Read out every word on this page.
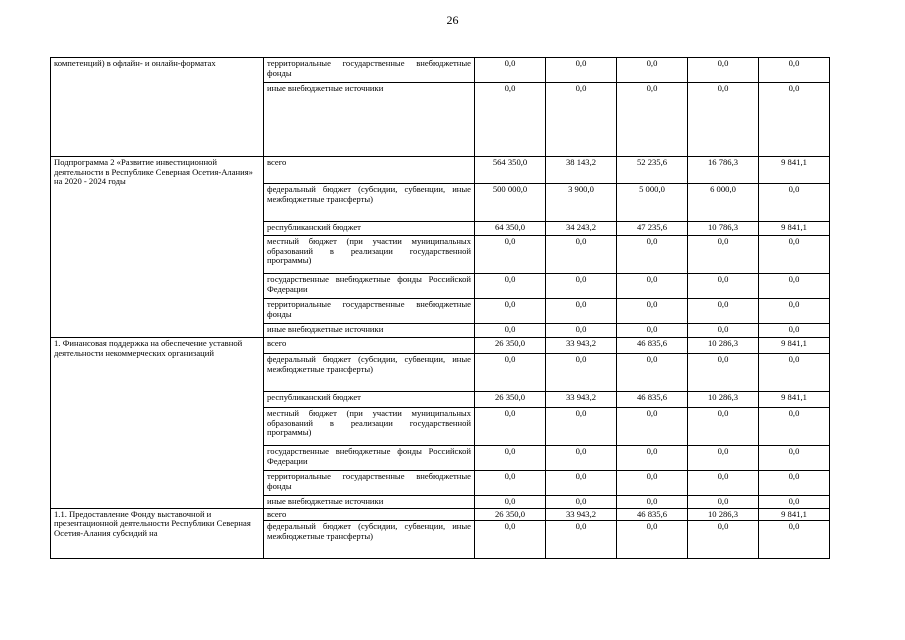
26
компетенций) в офлайн- и онлайн-форматах	территориальные государственные внебюджетные фонды	0,0	0,0	0,0	0,0	0,0
	иные внебюджетные источники	0,0	0,0	0,0	0,0	0,0
Подпрограмма 2 «Развитие инвестиционной деятельности в Республике Северная Осетия-Алания» на 2020 - 2024 годы	всего	564 350,0	38 143,2	52 235,6	16 786,3	9 841,1
	федеральный бюджет (субсидии, субвенции, иные межбюджетные трансферты)	500 000,0	3 900,0	5 000,0	6 000,0	0,0
	республиканский бюджет	64 350,0	34 243,2	47 235,6	10 786,3	9 841,1
	местный бюджет (при участии муниципальных образований в реализации государственной программы)	0,0	0,0	0,0	0,0	0,0
	государственные внебюджетные фонды Российской Федерации	0,0	0,0	0,0	0,0	0,0
	территориальные государственные внебюджетные фонды	0,0	0,0	0,0	0,0	0,0
	иные внебюджетные источники	0,0	0,0	0,0	0,0	0,0
1. Финансовая поддержка на обеспечение уставной деятельности некоммерческих организаций	всего	26 350,0	33 943,2	46 835,6	10 286,3	9 841,1
	федеральный бюджет (субсидии, субвенции, иные межбюджетные трансферты)	0,0	0,0	0,0	0,0	0,0
	республиканский бюджет	26 350,0	33 943,2	46 835,6	10 286,3	9 841,1
	местный бюджет (при участии муниципальных образований в реализации государственной программы)	0,0	0,0	0,0	0,0	0,0
	государственные внебюджетные фонды Российской Федерации	0,0	0,0	0,0	0,0	0,0
	территориальные государственные внебюджетные фонды	0,0	0,0	0,0	0,0	0,0
	иные внебюджетные источники	0,0	0,0	0,0	0,0	0,0
1.1. Предоставление Фонду выставочной и презентационной деятельности Республики Северная Осетия-Алания субсидий на	всего	26 350,0	33 943,2	46 835,6	10 286,3	9 841,1
	федеральный бюджет (субсидии, субвенции, иные межбюджетные трансферты)	0,0	0,0	0,0	0,0	0,0
